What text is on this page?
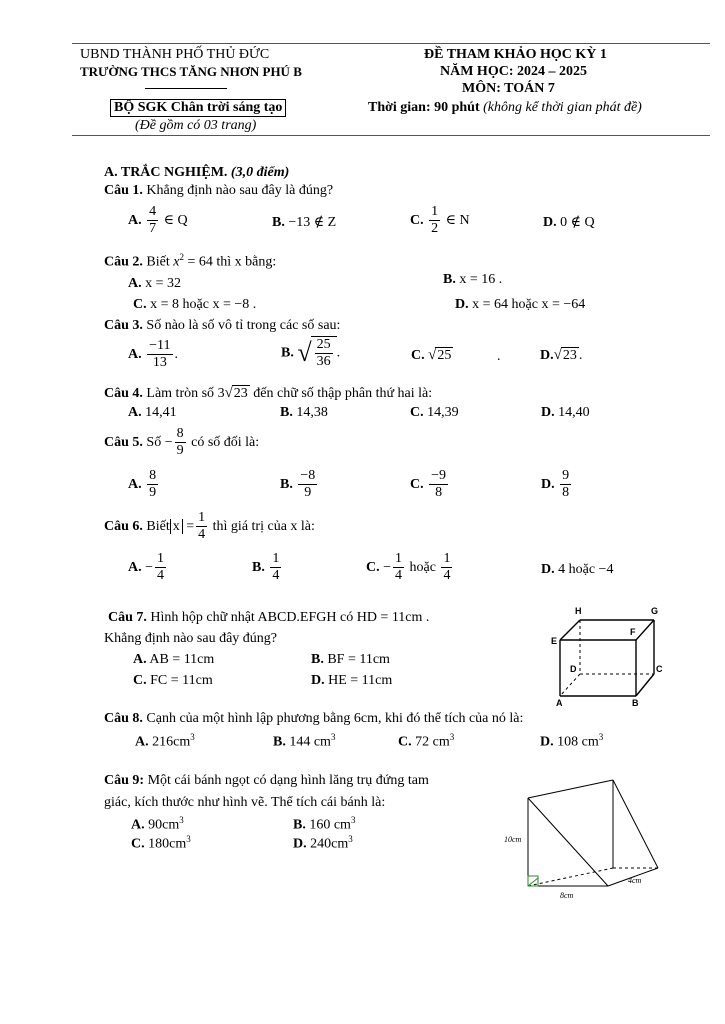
UBND THÀNH PHỐ THỦ ĐỨC
TRƯỜNG THCS TĂNG NHƠN PHÚ B
BỘ SGK Chân trời sáng tạo
(Đề gồm có 03 trang)
ĐỀ THAM KHẢO HỌC KỲ 1
NĂM HỌC: 2024 – 2025
MÔN: TOÁN 7
Thời gian: 90 phút (không kể thời gian phát đề)
A. TRẮC NGHIỆM. (3,0 điểm)
Câu 1. Khẳng định nào sau đây là đúng?
A. $\frac{4}{7}$ ∈ Q	B. −13 ∉ Z	C. $\frac{1}{2}$ ∈ N	D. 0 ∉ Q
Câu 2. Biết $x^2 = 64$ thì x bằng:
A. x = 32	B. x = 16 .
C. x = 8 hoặc x = −8 .	D. x = 64 hoặc x = −64
Câu 3. Số nào là số vô tỉ trong các số sau:
A. $\frac{-11}{13}$ .	B. √ $\frac{25}{36}$ .	C. √25	.	D.√23 .
Câu 4. Làm tròn số 3√23 đến chữ số thập phân thứ hai là:
A. 14,41	B. 14,38	C. 14,39	D. 14,40
Câu 5. Số − $\frac{8}{9}$ có số đối là:
A. $\frac{8}{9}$	B. $\frac{-8}{9}$	C. $\frac{-9}{8}$	D. $\frac{9}{8}$
Câu 6. Biết $x = \frac{1}{4}$ thì giá trị của x là:
A. − $\frac{1}{4}$	B. $\frac{1}{4}$	C. − $\frac{1}{4}$ hoặc $\frac{1}{4}$	D. 4 hoặc −4
Câu 7. Hình hộp chữ nhật ABCD.EFGH có HD = 11cm .
Khẳng định nào sau đây đúng?
A. AB = 11cm	B. BF = 11cm
C. FC = 11cm	D. HE = 11cm
H	G
E
F
D	C
A	B
Câu 8. Cạnh của một hình lập phương bằng 6cm, khi đó thể tích của nó là:
A. $216cm^3$	B. 144 $cm^3$	C. 72 $cm^3$	D. 108 $cm^3$
Câu 9: Một cái bánh ngọt có dạng hình lăng trụ đứng tam
giác, kích thước như hình vẽ. Thể tích cái bánh là:
A. $90cm^3$	B. 160 $cm^3$
C. $180cm^3$	D. $240cm^3$	10cm
8cm
4cm
